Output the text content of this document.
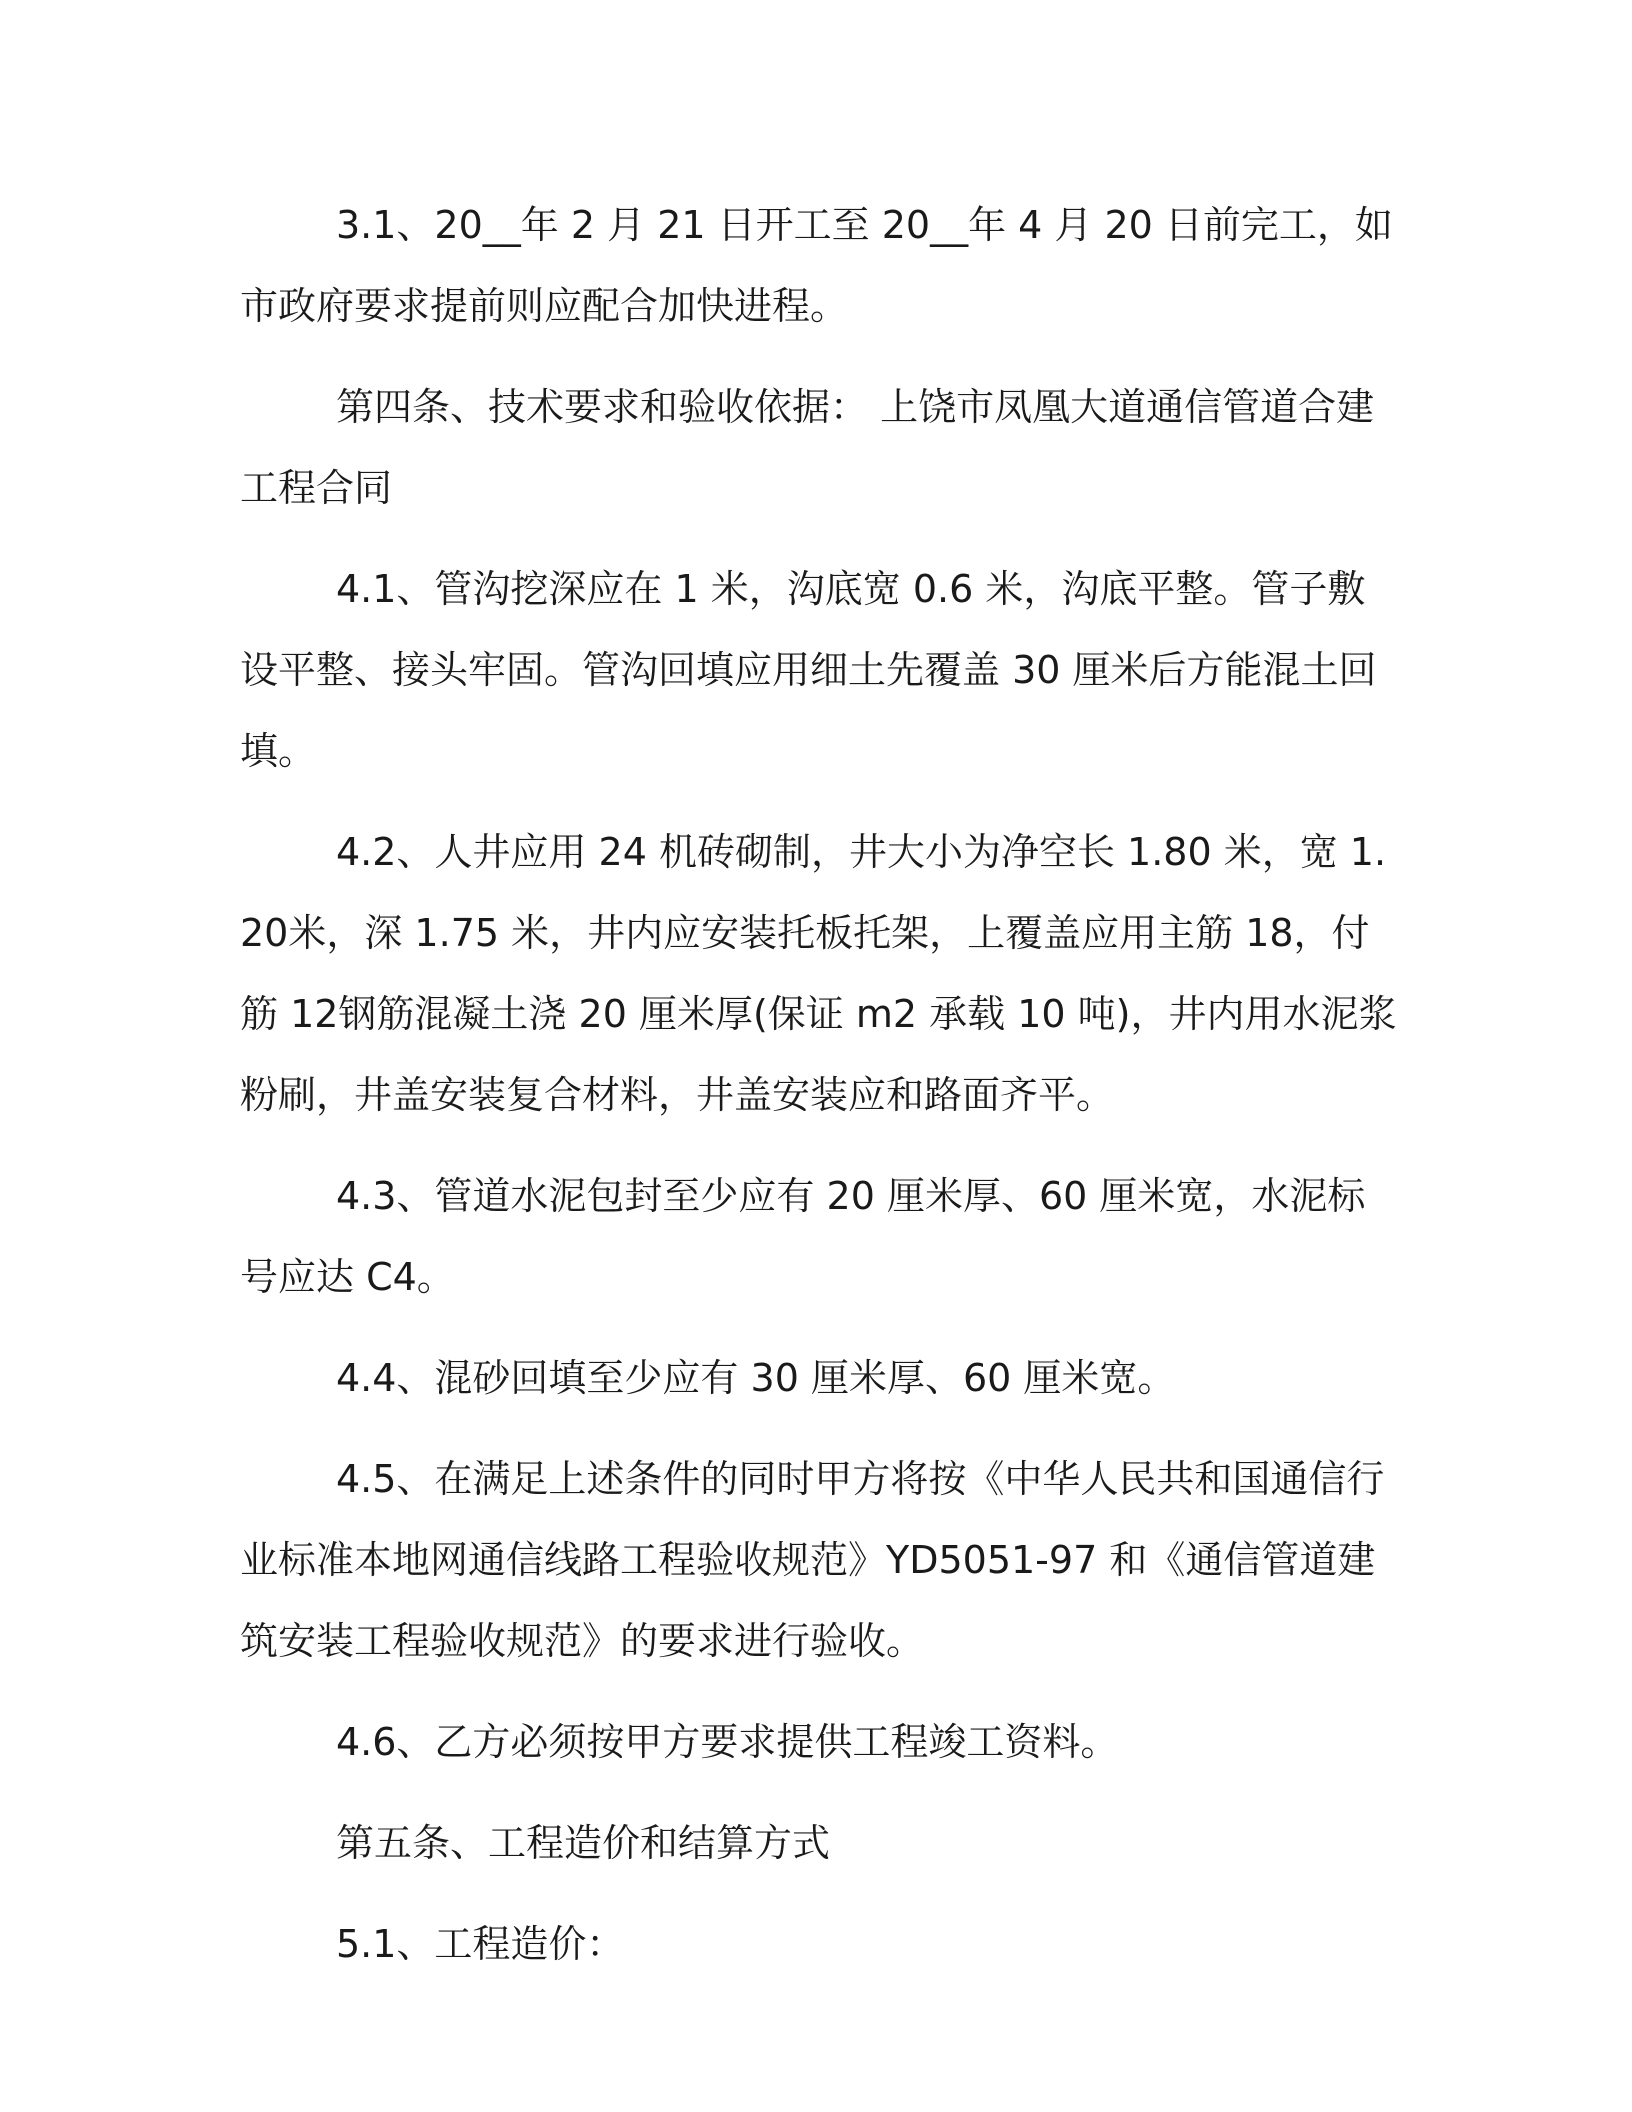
3.1、20__年 2 月 21 日开工至 20__年 4 月 20 日前完工，如市政府要求提前则应配合加快进程。

第四条、技术要求和验收依据： 上饶市凤凰大道通信管道合建工程合同

4.1、管沟挖深应在 1 米，沟底宽 0.6 米，沟底平整。管子敷设平整、接头牢固。管沟回填应用细土先覆盖 30 厘米后方能混土回填。

4.2、人井应用 24 机砖砌制，井大小为净空长 1.80 米，宽 1.20米，深 1.75 米，井内应安装托板托架，上覆盖应用主筋 18，付筋 12钢筋混凝土浇 20 厘米厚(保证 m2 承载 10 吨)，井内用水泥浆粉刷，井盖安装复合材料，井盖安装应和路面齐平。

4.3、管道水泥包封至少应有 20 厘米厚、60 厘米宽，水泥标号应达 C4。

4.4、混砂回填至少应有 30 厘米厚、60 厘米宽。

4.5、在满足上述条件的同时甲方将按《中华人民共和国通信行业标准本地网通信线路工程验收规范》YD5051-97 和《通信管道建筑安装工程验收规范》的要求进行验收。

4.6、乙方必须按甲方要求提供工程竣工资料。

第五条、工程造价和结算方式

5.1、工程造价：
